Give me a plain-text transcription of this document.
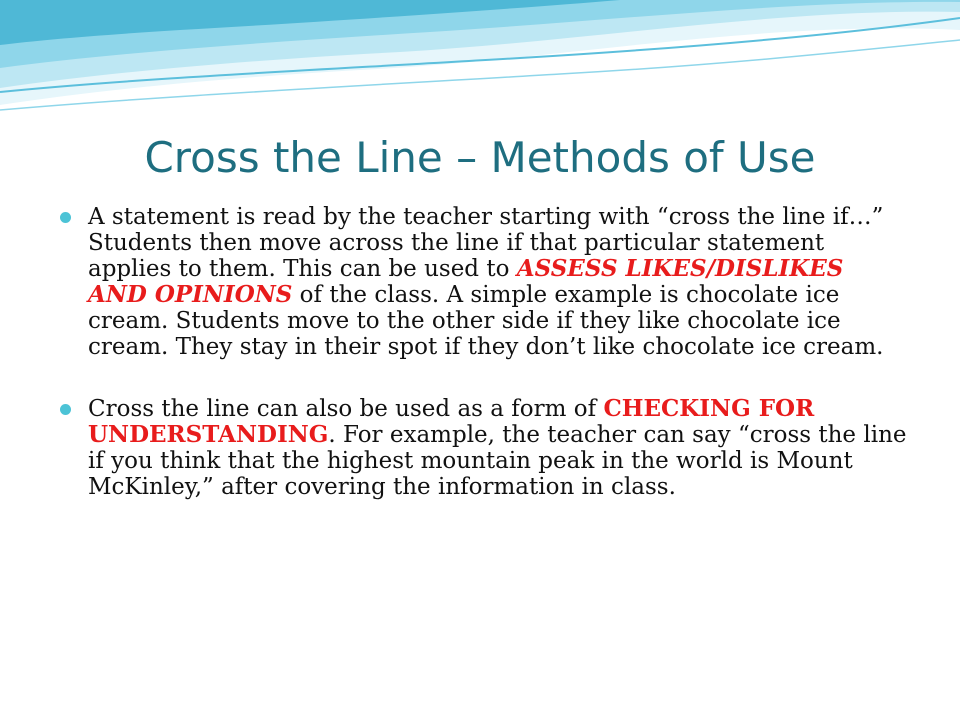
Cross the Line – Methods of Use
A statement is read by the teacher starting with “cross the line if…” Students then move across the line if that particular statement applies to them. This can be used to ASSESS LIKES/DISLIKES AND OPINIONS of the class. A simple example is chocolate ice cream. Students move to the other side if they like chocolate ice cream. They stay in their spot if they don’t like chocolate ice cream.
Cross the line can also be used as a form of CHECKING FOR UNDERSTANDING. For example, the teacher can say “cross the line if you think that the highest mountain peak in the world is Mount McKinley,” after covering the information in class.
